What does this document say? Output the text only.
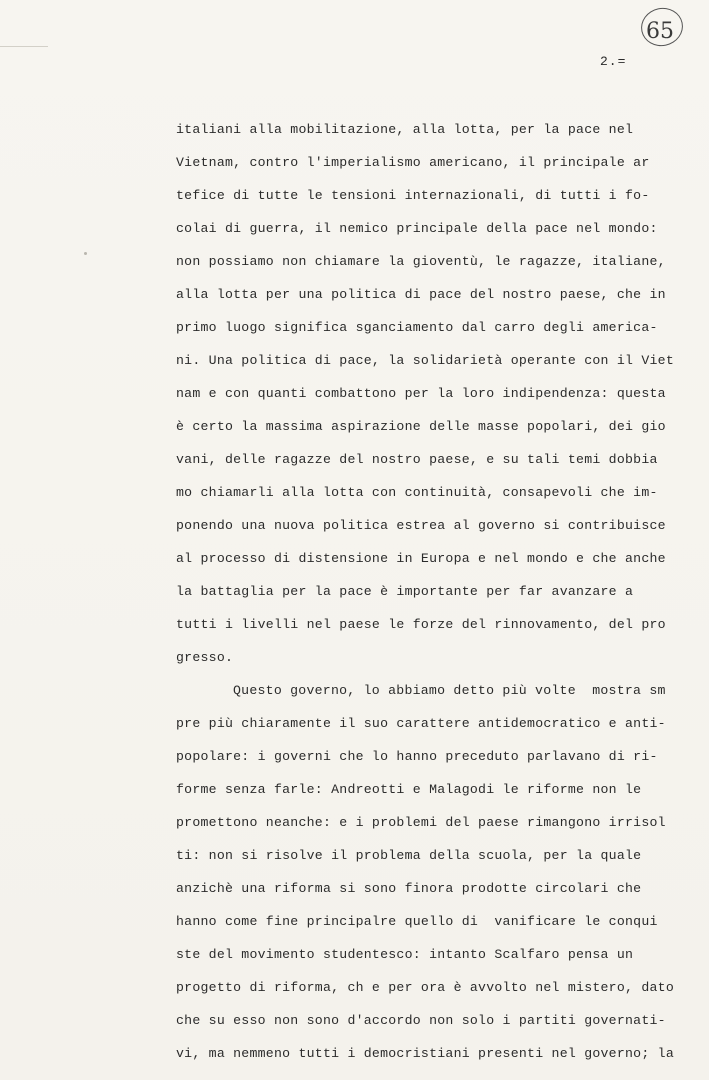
65
2.=
italiani alla mobilitazione, alla lotta, per la pace nel
Vietnam, contro l'imperialismo americano, il principale ar
tefice di tutte le tensioni internazionali, di tutti i fo-
colai di guerra, il nemico principale della pace nel mondo:
non possiamo non chiamare la gioventù, le ragazze, italiane,
alla lotta per una politica di pace del nostro paese, che in
primo luogo significa sganciamento dal carro degli america-
ni. Una politica di pace, la solidarietà operante con il Viet
nam e con quanti combattono per la loro indipendenza: questa
è certo la massima aspirazione delle masse popolari, dei gio
vani, delle ragazze del nostro paese, e su tali temi dobbia
mo chiamarli alla lotta con continuità, consapevoli che im-
ponendo una nuova politica estrea al governo si contribuisce
al processo di distensione in Europa e nel mondo e che anche
la battaglia per la pace è importante per far avanzare a
tutti i livelli nel paese le forze del rinnovamento, del pro
gresso.
Questo governo, lo abbiamo detto più volte  mostra sm
pre più chiaramente il suo carattere antidemocratico e anti-
popolare: i governi che lo hanno preceduto parlavano di ri-
forme senza farle: Andreotti e Malagodi le riforme non le
promettono neanche: e i problemi del paese rimangono irrisol
ti: non si risolve il problema della scuola, per la quale
anzichè una riforma si sono finora prodotte circolari che
hanno come fine principalre quello di  vanificare le conqui
ste del movimento studentesco: intanto Scalfaro pensa un
progetto di riforma, ch e per ora è avvolto nel mistero, dato
che su esso non sono d'accordo non solo i partiti governati-
vi, ma nemmeno tutti i democristiani presenti nel governo; la
